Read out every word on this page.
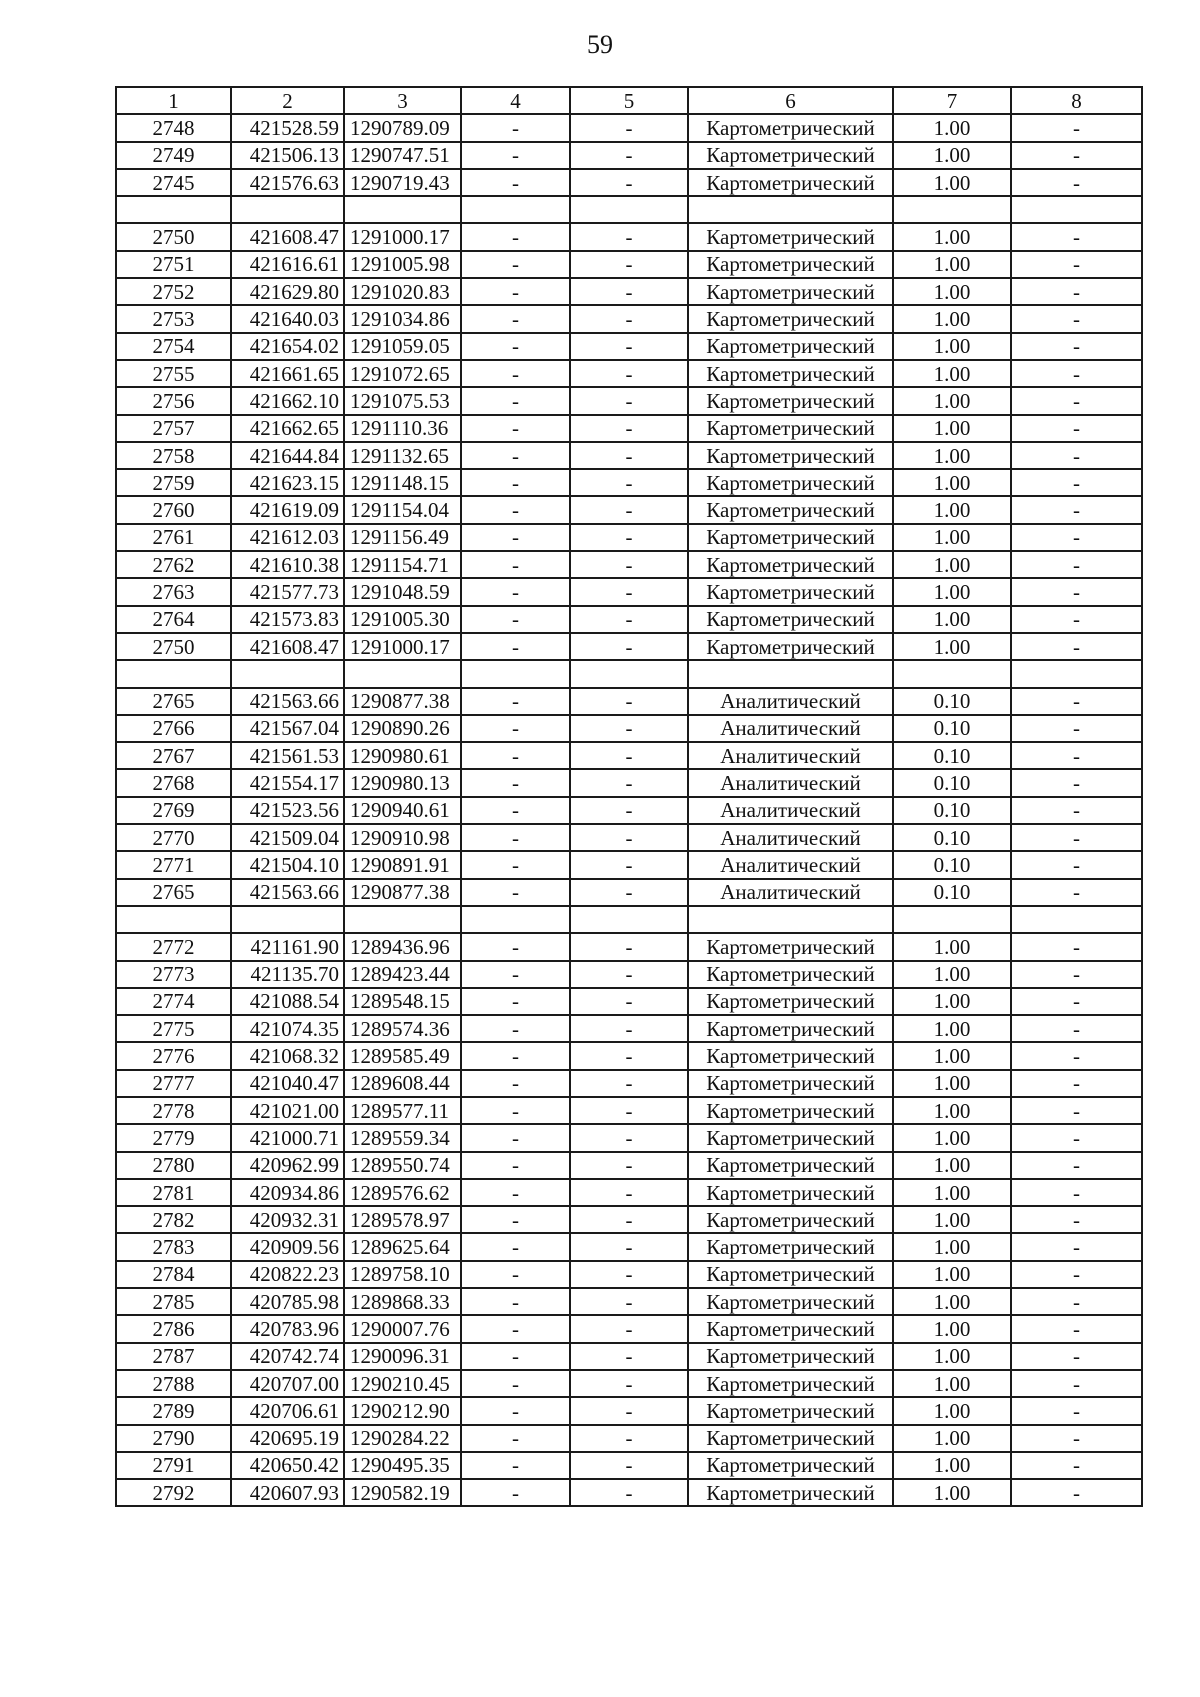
59
1	2	3	4	5	6	7	8
2748	421528.59	1290789.09	-	-	Картометрический	1.00	-
2749	421506.13	1290747.51	-	-	Картометрический	1.00	-
2745	421576.63	1290719.43	-	-	Картометрический	1.00	-

2750	421608.47	1291000.17	-	-	Картометрический	1.00	-
2751	421616.61	1291005.98	-	-	Картометрический	1.00	-
2752	421629.80	1291020.83	-	-	Картометрический	1.00	-
2753	421640.03	1291034.86	-	-	Картометрический	1.00	-
2754	421654.02	1291059.05	-	-	Картометрический	1.00	-
2755	421661.65	1291072.65	-	-	Картометрический	1.00	-
2756	421662.10	1291075.53	-	-	Картометрический	1.00	-
2757	421662.65	1291110.36	-	-	Картометрический	1.00	-
2758	421644.84	1291132.65	-	-	Картометрический	1.00	-
2759	421623.15	1291148.15	-	-	Картометрический	1.00	-
2760	421619.09	1291154.04	-	-	Картометрический	1.00	-
2761	421612.03	1291156.49	-	-	Картометрический	1.00	-
2762	421610.38	1291154.71	-	-	Картометрический	1.00	-
2763	421577.73	1291048.59	-	-	Картометрический	1.00	-
2764	421573.83	1291005.30	-	-	Картометрический	1.00	-
2750	421608.47	1291000.17	-	-	Картометрический	1.00	-

2765	421563.66	1290877.38	-	-	Аналитический	0.10	-
2766	421567.04	1290890.26	-	-	Аналитический	0.10	-
2767	421561.53	1290980.61	-	-	Аналитический	0.10	-
2768	421554.17	1290980.13	-	-	Аналитический	0.10	-
2769	421523.56	1290940.61	-	-	Аналитический	0.10	-
2770	421509.04	1290910.98	-	-	Аналитический	0.10	-
2771	421504.10	1290891.91	-	-	Аналитический	0.10	-
2765	421563.66	1290877.38	-	-	Аналитический	0.10	-

2772	421161.90	1289436.96	-	-	Картометрический	1.00	-
2773	421135.70	1289423.44	-	-	Картометрический	1.00	-
2774	421088.54	1289548.15	-	-	Картометрический	1.00	-
2775	421074.35	1289574.36	-	-	Картометрический	1.00	-
2776	421068.32	1289585.49	-	-	Картометрический	1.00	-
2777	421040.47	1289608.44	-	-	Картометрический	1.00	-
2778	421021.00	1289577.11	-	-	Картометрический	1.00	-
2779	421000.71	1289559.34	-	-	Картометрический	1.00	-
2780	420962.99	1289550.74	-	-	Картометрический	1.00	-
2781	420934.86	1289576.62	-	-	Картометрический	1.00	-
2782	420932.31	1289578.97	-	-	Картометрический	1.00	-
2783	420909.56	1289625.64	-	-	Картометрический	1.00	-
2784	420822.23	1289758.10	-	-	Картометрический	1.00	-
2785	420785.98	1289868.33	-	-	Картометрический	1.00	-
2786	420783.96	1290007.76	-	-	Картометрический	1.00	-
2787	420742.74	1290096.31	-	-	Картометрический	1.00	-
2788	420707.00	1290210.45	-	-	Картометрический	1.00	-
2789	420706.61	1290212.90	-	-	Картометрический	1.00	-
2790	420695.19	1290284.22	-	-	Картометрический	1.00	-
2791	420650.42	1290495.35	-	-	Картометрический	1.00	-
2792	420607.93	1290582.19	-	-	Картометрический	1.00	-
